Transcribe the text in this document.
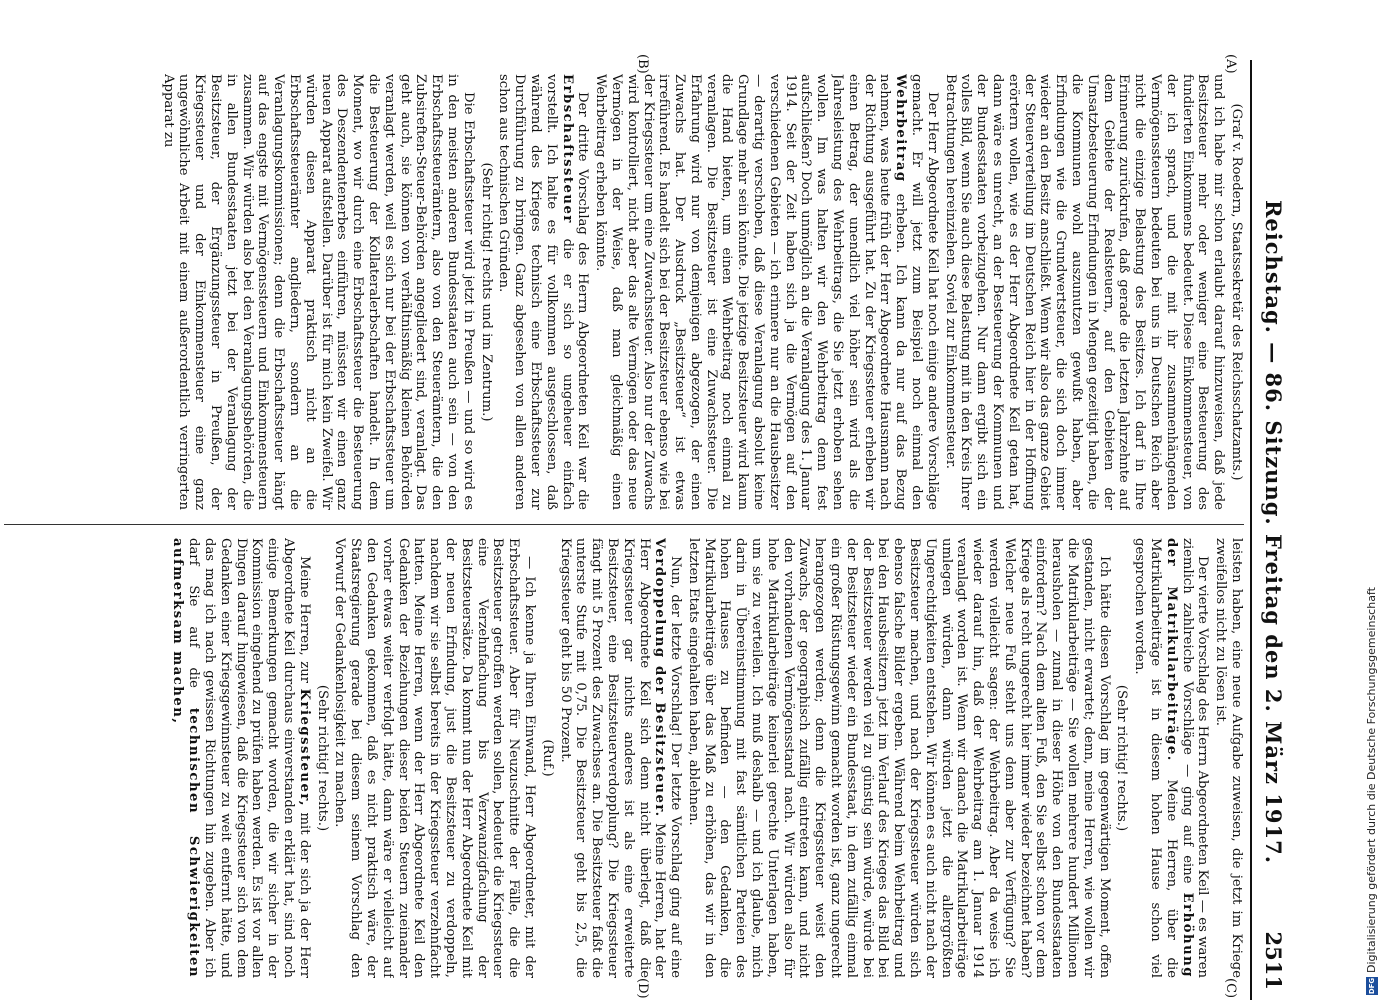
Reichstag. — 86. Sitzung. Freitag den 2. März 1917.
2511
(A)
(B)
(C)
(D)

(Graf v. Roedern, Staatssekretär des Reichsschatzamts.)

und ich habe mir schon erlaubt darauf hinzuweisen, daß jede Besitzsteuer mehr oder weniger eine Besteuerung des fundierten Einkommens bedeutet. Diese Einkommensteuer, von der ich sprach, und die mit ihr zusammenhängenden Vermögenssteuern bedeuten bei uns in Deutschen Reich aber nicht die einzige Belastung des Besitzes. Ich darf in Ihre Erinnerung zurückrufen, daß gerade die letzten Jahrzehnte auf dem Gebiete der Realsteuern, auf den Gebieten der Umsatzbesteuerung Erfindungen in Mengen gezeitigt haben, die die Kommunen wohl auszunutzen gewußt haben, aber Erfindungen wie die Grundwertsteuer, die sich doch immer wieder an den Besitz anschließt. Wenn wir also das ganze Gebiet der Steuerverteilung im Deutschen Reich hier in der Hoffnung erörtern wollen, wie es der Herr Abgeordnete Keil getan hat, dann wäre es unrecht, an der Besteuerung der Kommunen und der Bundesstaaten vorbeizugehen. Nur dann ergibt sich ein volles Bild, wenn Sie auch diese Belastung mit in den Kreis Ihrer Betrachtungen hereinziehen. Soviel zur Einkommensteuer.

Der Herr Abgeordnete Keil hat noch einige andere Vorschläge gemacht. Er will jetzt zum Beispiel noch einmal den Wehrbeitrag erheben. Ich kann da nur auf das Bezug nehmen, was heute früh der Herr Abgeordnete Hausmann nach der Richtung ausgeführt hat. Zu der Kriegssteuer erheben wir einen Betrag, der unendlich viel höher sein wird als die Jahresleistung des Wehrbeitrags, die Sie jetzt erhoben sehen wollen. Im was halten wir den Wehrbeitrag denn fest aufschließen? Doch unmöglich an die Veranlagung des 1. Januar 1914. Seit der Zeit haben sich ja die Vermögen auf den verschiedenen Gebieten — ich erinnere nur an die Hausbesitzer — derartig verschoben, daß diese Veranlagung absolut keine Grundlage mehr sein könnte. Die jetzige Besitzsteuer wird kaum die Hand bieten, um einen Wehrbeitrag noch einmal zu veranlagen. Die Besitzsteuer ist eine Zuwachssteuer. Die Erfahrung wird nur von demjenigen abgezogen, der einen Zuwachs hat. Der Ausdruck „Besitzsteuer“ ist etwas irreführend. Es handelt sich bei der Besitzsteuer ebenso wie bei der Kriegssteuer um eine Zuwachssteuer. Also nur der Zuwachs wird kontrolliert, nicht aber das alte Vermögen oder das neue Vermögen in der Weise, daß man gleichmäßig einen Wehrbeitrag erheben könnte.

Der dritte Vorschlag des Herrn Abgeordneten Keil war die Erbschaftssteuer die er sich so ungeheuer einfach vorstellt. Ich halte es für vollkommen ausgeschlossen, daß während des Krieges technisch eine Erbschaftssteuer zur Durchführung zu bringen. Ganz abgesehen von allen anderen schon aus technischen Gründen.

(Sehr richtig! rechts und im Zentrum.)

Die Erbschaftssteuer wird jetzt in Preußen — und so wird es in den meisten anderen Bundesstaaten auch sein — von den Erbschaftssteuerämtern, also von den Steuerämtern, die den Zubsireften-Steuer-Behörden angegliedert sind, veranlagt. Das geht auch, sie können von verhältnismäßig kleinen Behörden veranlagt werden, weil es sich nur bei der Erbschaftssteuer um die Besteuerung der Kollateralerbschaften handelt. In dem Moment, wo wir durch eine Erbschaftssteuer die Besteuerung des Deszendentenerbes einführen, müssten wir einen ganz neuen Apparat aufstellen. Darüber ist für mich kein Zweifel. Wir würden diesen Apparat praktisch nicht an die Erbschaftssteuerämter angliedern, sondern an die Veranlagungskommissionen; denn die Erbschaftssteuer hängt auf das engste mit Vermögenssteuern und Einkommensteuern zusammen. Wir würden also bei den Veranlagungsbehörden, die in allen Bundesstaaten jetzt bei der Veranlagung der Besitzsteuer, der Ergänzungssteuer in Preußen, der Kriegssteuer und der Einkommensteuer eine ganz ungewöhnliche Arbeit mit einem außerordentlich verringerten Apparat zu

leisten haben, eine neue Aufgabe zuweisen, die jetzt im Kriege zweifellos nicht zu lösen ist.

Der vierte Vorschlag des Herrn Abgeordneten Keil — es waren ziemlich zahlreiche Vorschläge — ging auf eine Erhöhung der Matrikularbeiträge. Meine Herren, über die Matrikularbeiträge ist in diesem hohen Hause schon viel gesprochen worden.

(Sehr richtig! rechts.)

Ich hätte diesen Vorschlag im gegenwärtigen Moment, offen gestanden, nicht erwartet; denn, meine Herren, wie wollen wir die Matrikularbeiträge — Sie wollen mehrere hundert Millionen herausholen — zumal in dieser Höhe von den Bundesstaaten einfordern? Nach dem alten Fuß, den Sie selbst schon vor dem Kriege als recht ungerecht hier immer wieder bezeichnet haben? Welcher neue Fuß steht uns denn aber zur Verfügung? Sie werden vielleicht sagen: der Wehrbeitrag. Aber da weise ich wieder darauf hin, daß der Wehrbeitrag am 1. Januar 1914 veranlagt worden ist. Wenn wir danach die Matrikularbeiträge umlegen würden, dann würden jetzt die allergrößten Ungerechtigkeiten entstehen. Wir können es auch nicht nach der Besitzsteuer machen, und nach der Kriegssteuer würden sich ebenso falsche Bilder ergeben. Während beim Wehrbeitrag und bei den Hausbesitzern jetzt im Verlauf des Krieges das Bild bei der Besitzsteuer werden viel zu günstig sein würde, würde bei der Besitzsteuer wieder ein Bundesstaat, in dem zufällig einmal ein großer Rüstungsgewinn gemacht worden ist, ganz ungerecht herangezogen werden; denn die Kriegssteuer weist den Zuwachs, der geographisch zufällig eintreten kann, und nicht den vorhandenen Vermögensstand nach. Wir würden also für hohe Matrikularbeiträge keinerlei gerechte Unterlagen haben, um sie zu verteilen. Ich muß deshalb — und ich glaube, mich darin in Übereinstimmung mit fast sämtlichen Parteien des hohen Hauses zu befinden — den Gedanken, die Matrikularbeiträge über das Maß zu erhöhen, das wir in den letzten Etats eingehalten haben, ablehnen.

Nun, der letzte Vorschlag! Der letzte Vorschlag ging auf eine Verdoppelung der Besitzsteuer. Meine Herren, hat der Herr Abgeordnete Keil sich denn nicht überlegt, daß die Kriegssteuer gar nichts anderes ist als eine erweiterte Besitzsteuer, eine Besitzsteuerverdopplung? Die Kriegssteuer fängt mit 5 Prozent des Zuwachses an. Die Besitzsteuer faßt die unterste Stufe mit 0,75. Die Besitzsteuer geht bis 2,5, die Kriegssteuer geht bis 50 Prozent.

(Ruf.)

— Ich kenne ja Ihren Einwand, Herr Abgeordneter, mit der Erbschaftssteuer. Aber für Neuzuschnitte der Fälle, die die Besitzsteuer getroffen werden sollen, bedeutet die Kriegssteuer eine Verzehnfachung bis Verzwanzigfachung der Besitzsteuersätze. Da kommt nun der Herr Abgeordnete Keil mit der neuen Erfindung, just die Besitzsteuer zu verdoppeln, nachdem wir sie selbst bereits in der Kriegssteuer verzehnfacht hatten. Meine Herren, wenn der Herr Abgeordnete Keil den Gedanken der Beziehungen dieser beiden Steuern zueinander vorher etwas weiter verfolgt hätte, dann wäre er vielleicht auf den Gedanken gekommen, daß es nicht praktisch wäre, der Staatsregierung gerade bei diesem seinem Vorschlag den Vorwurf der Gedankenlosigkeit zu machen.

(Sehr richtig! rechts.)

Meine Herren, zur Kriegssteuer, mit der sich ja der Herr Abgeordnete Keil durchaus einverstanden erklärt hat, sind noch einige Bemerkungen gemacht worden, die wir sicher in der Kommission eingehend zu prüfen haben werden. Es ist vor allen Dingen darauf hingewiesen, daß die Kriegssteuer sich von dem Gedanken einer Kriegsgewinnsteuer zu weit entfernt hätte, und das mag ich nach gewissen Richtungen hin zugeben. Aber ich darf Sie auf die technischen Schwierigkeiten aufmerksam machen,

DFGDigitalisierung gefördert durch die Deutsche Forschungsgemeinschaft
